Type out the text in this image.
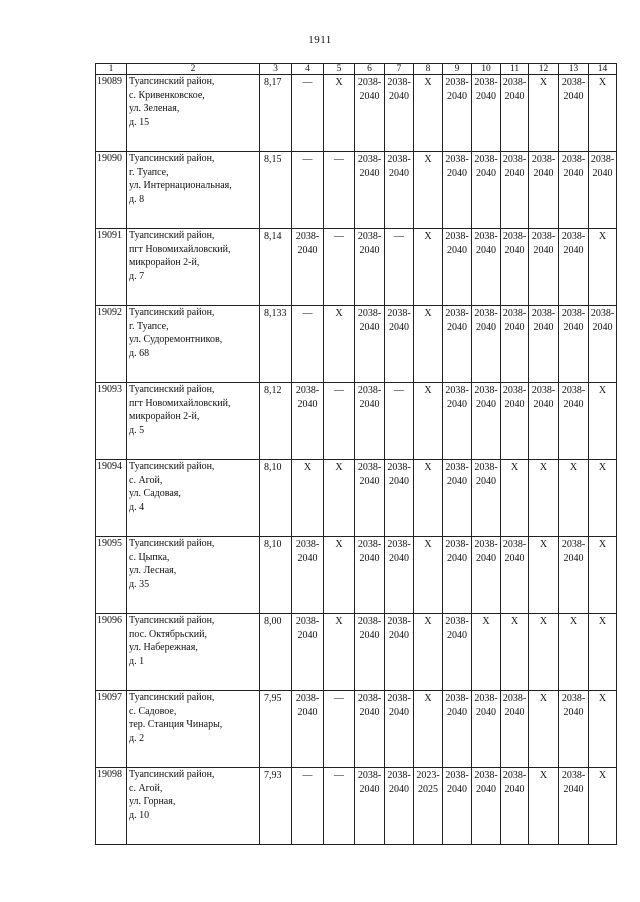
1911
1	2	3	4	5	6	7	8	9	10	11	12	13	14
19089	Туапсинский район,
с. Кривенковское,
ул. Зеленая,
д. 15	8,17	—	X	2038-
2040	2038-
2040	X	2038-
2040	2038-
2040	2038-
2040	X	2038-
2040	X
19090	Туапсинский район,
г. Туапсе,
ул. Интернациональная,
д. 8	8,15	—	—	2038-
2040	2038-
2040	X	2038-
2040	2038-
2040	2038-
2040	2038-
2040	2038-
2040	2038-
2040
19091	Туапсинский район,
пгт Новомихайловский,
микрорайон 2-й,
д. 7	8,14	2038-
2040	—	2038-
2040	—	X	2038-
2040	2038-
2040	2038-
2040	2038-
2040	2038-
2040	X
19092	Туапсинский район,
г. Туапсе,
ул. Судоремонтников,
д. 68	8,133	—	X	2038-
2040	2038-
2040	X	2038-
2040	2038-
2040	2038-
2040	2038-
2040	2038-
2040	2038-
2040
19093	Туапсинский район,
пгт Новомихайловский,
микрорайон 2-й,
д. 5	8,12	2038-
2040	—	2038-
2040	—	X	2038-
2040	2038-
2040	2038-
2040	2038-
2040	2038-
2040	X
19094	Туапсинский район,
с. Агой,
ул. Садовая,
д. 4	8,10	X	X	2038-
2040	2038-
2040	X	2038-
2040	2038-
2040	X	X	X	X
19095	Туапсинский район,
с. Цыпка,
ул. Лесная,
д. 35	8,10	2038-
2040	X	2038-
2040	2038-
2040	X	2038-
2040	2038-
2040	2038-
2040	X	2038-
2040	X
19096	Туапсинский район,
пос. Октябрьский,
ул. Набережная,
д. 1	8,00	2038-
2040	X	2038-
2040	2038-
2040	X	2038-
2040	X	X	X	X	X
19097	Туапсинский район,
с. Садовое,
тер. Станция Чинары,
д. 2	7,95	2038-
2040	—	2038-
2040	2038-
2040	X	2038-
2040	2038-
2040	2038-
2040	X	2038-
2040	X
19098	Туапсинский район,
с. Агой,
ул. Горная,
д. 10	7,93	—	—	2038-
2040	2038-
2040	2023-
2025	2038-
2040	2038-
2040	2038-
2040	X	2038-
2040	X
